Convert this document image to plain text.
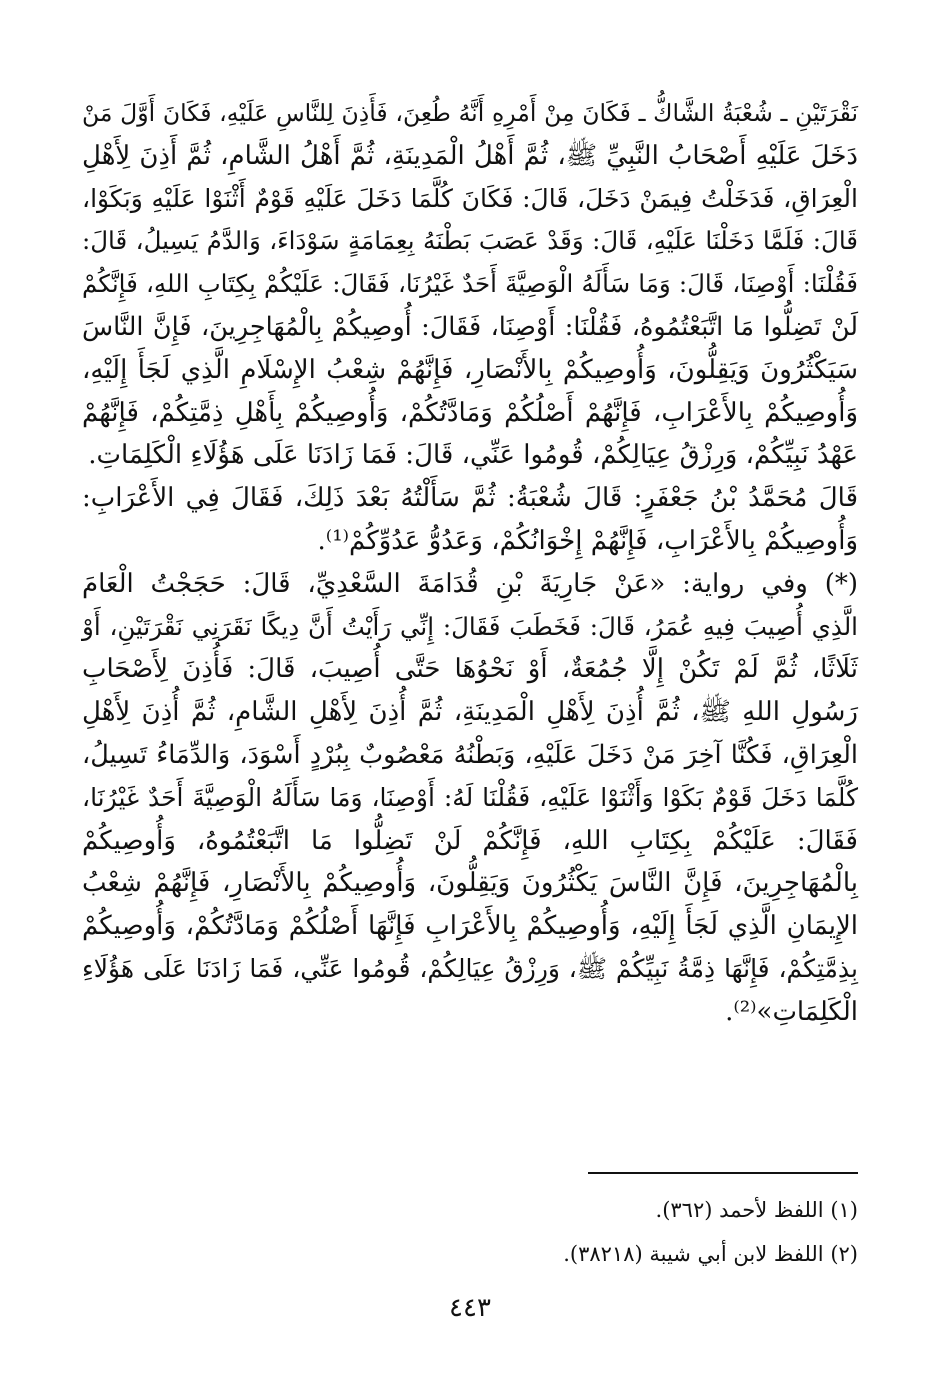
نَقْرَتَيْنِ ـ شُعْبَةُ الشَّاكُّ ـ فَكَانَ مِنْ أَمْرِهِ أَنَّهُ طُعِنَ، فَأَذِنَ لِلنَّاسِ عَلَيْهِ، فَكَانَ أَوَّلَ مَنْ
دَخَلَ عَلَيْهِ أَصْحَابُ النَّبِيِّ ﷺ، ثُمَّ أَهْلُ الْمَدِينَةِ، ثُمَّ أَهْلُ الشَّامِ، ثُمَّ أَذِنَ لِأَهْلِ
الْعِرَاقِ، فَدَخَلْتُ فِيمَنْ دَخَلَ، قَالَ: فَكَانَ كُلَّمَا دَخَلَ عَلَيْهِ قَوْمٌ أَثْنَوْا عَلَيْهِ وَبَكَوْا،
قَالَ: فَلَمَّا دَخَلْنَا عَلَيْهِ، قَالَ: وَقَدْ عَصَبَ بَطْنَهُ بِعِمَامَةٍ سَوْدَاءَ، وَالدَّمُ يَسِيلُ، قَالَ:
فَقُلْنَا: أَوْصِنَا، قَالَ: وَمَا سَأَلَهُ الْوَصِيَّةَ أَحَدٌ غَيْرُنَا، فَقَالَ: عَلَيْكُمْ بِكِتَابِ اللهِ، فَإِنَّكُمْ
لَنْ تَضِلُّوا مَا اتَّبَعْتُمُوهُ، فَقُلْنَا: أَوْصِنَا، فَقَالَ: أُوصِيكُمْ بِالْمُهَاجِرِينَ، فَإِنَّ النَّاسَ
سَيَكْثُرُونَ وَيَقِلُّونَ، وَأُوصِيكُمْ بِالأَنْصَارِ، فَإِنَّهُمْ شِعْبُ الإِسْلَامِ الَّذِي لَجَأَ إِلَيْهِ،
وَأُوصِيكُمْ بِالأَعْرَابِ، فَإِنَّهُمْ أَصْلُكُمْ وَمَادَّتُكُمْ، وَأُوصِيكُمْ بِأَهْلِ ذِمَّتِكُمْ، فَإِنَّهُمْ
عَهْدُ نَبِيِّكُمْ، وَرِزْقُ عِيَالِكُمْ، قُومُوا عَنِّي، قَالَ: فَمَا زَادَنَا عَلَى هَؤُلَاءِ الْكَلِمَاتِ.
قَالَ مُحَمَّدُ بْنُ جَعْفَرٍ: قَالَ شُعْبَةُ: ثُمَّ سَأَلْتُهُ بَعْدَ ذَلِكَ، فَقَالَ فِي الأَعْرَابِ:
وَأُوصِيكُمْ بِالأَعْرَابِ، فَإِنَّهُمْ إِخْوَانُكُمْ، وَعَدُوُّ عَدُوِّكُمْ⁽¹⁾.
(*) وفي رواية: «عَنْ جَارِيَةَ بْنِ قُدَامَةَ السَّعْدِيِّ، قَالَ: حَجَجْتُ الْعَامَ
الَّذِي أُصِيبَ فِيهِ عُمَرُ، قَالَ: فَخَطَبَ فَقَالَ: إِنِّي رَأَيْتُ أَنَّ دِيكًا نَقَرَنِي نَقْرَتَيْنِ، أَوْ
ثَلَاثًا، ثُمَّ لَمْ تَكُنْ إِلَّا جُمُعَةٌ، أَوْ نَحْوُهَا حَتَّى أُصِيبَ، قَالَ: فَأُذِنَ لِأَصْحَابِ
رَسُولِ اللهِ ﷺ، ثُمَّ أُذِنَ لِأَهْلِ الْمَدِينَةِ، ثُمَّ أُذِنَ لِأَهْلِ الشَّامِ، ثُمَّ أُذِنَ لِأَهْلِ
الْعِرَاقِ، فَكُنَّا آخِرَ مَنْ دَخَلَ عَلَيْهِ، وَبَطْنُهُ مَعْصُوبٌ بِبُرْدٍ أَسْوَدَ، وَالدِّمَاءُ تَسِيلُ،
كُلَّمَا دَخَلَ قَوْمٌ بَكَوْا وَأَثْنَوْا عَلَيْهِ، فَقُلْنَا لَهُ: أَوْصِنَا، وَمَا سَأَلَهُ الْوَصِيَّةَ أَحَدٌ غَيْرُنَا،
فَقَالَ: عَلَيْكُمْ بِكِتَابِ اللهِ، فَإِنَّكُمْ لَنْ تَضِلُّوا مَا اتَّبَعْتُمُوهُ، وَأُوصِيكُمْ
بِالْمُهَاجِرِينَ، فَإِنَّ النَّاسَ يَكْثُرُونَ وَيَقِلُّونَ، وَأُوصِيكُمْ بِالأَنْصَارِ، فَإِنَّهُمْ شِعْبُ
الإِيمَانِ الَّذِي لَجَأَ إِلَيْهِ، وَأُوصِيكُمْ بِالأَعْرَابِ فَإِنَّهَا أَصْلُكُمْ وَمَادَّتُكُمْ، وَأُوصِيكُمْ
بِذِمَّتِكُمْ، فَإِنَّهَا ذِمَّةُ نَبِيِّكُمْ ﷺ، وَرِزْقُ عِيَالِكُمْ، قُومُوا عَنِّي، فَمَا زَادَنَا عَلَى هَؤُلَاءِ
الْكَلِمَاتِ»⁽²⁾.
(١) اللفظ لأحمد (٣٦٢).
(٢) اللفظ لابن أبي شيبة (٣٨٢١٨).
٤٤٣
